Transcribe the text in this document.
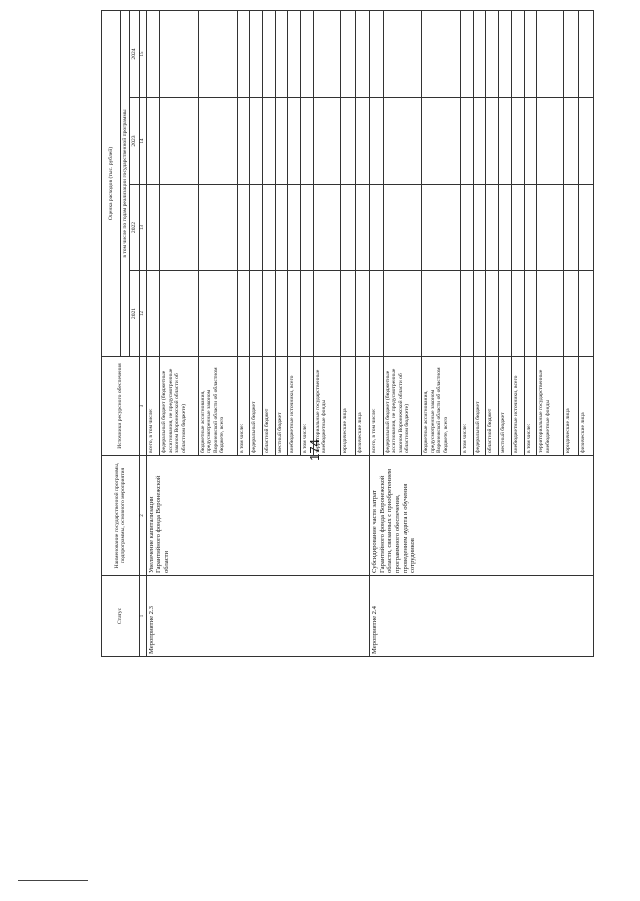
174
Статус	Наименование государственной программы, подпрограммы, основного мероприятия	Источники ресурсного обеспечения	Оценка расходов (тыс. рублей)			
			в том числе по годам реализации государственной программы			
			2021	2022	2023	2024
1	2	3	12	13	14	15
Мероприятие 2.3	Увеличение капитализации Гарантийного фонда Воронежской области	всего, в том числе:				
		федеральный бюджет (бюджетные ассигнования, не предусмотренные законом Воронежской области об областном бюджете)				
		бюджетные ассигнования, предусмотренные законом Воронежской области об областном бюджете, всего				
		в том числе:				
		федеральный бюджет				
		областной бюджет				
		местный бюджет				
		внебюджетные источники, всего				
		в том числе:				
		территориальные государственные внебюджетные фонды				
		юридические лица				
		физические лица				
Мероприятие 2.4	Субсидирование части затрат Гарантийного фонда Воронежской области, связанных с приобретением программного обеспечения, проведением аудита и обучения сотрудников	всего, в том числе:				
		федеральный бюджет (бюджетные ассигнования, не предусмотренные законом Воронежской области об областном бюджете)				
		бюджетные ассигнования, предусмотренные законом Воронежской области об областном бюджете, всего				
		в том числе:				
		федеральный бюджет				
		областной бюджет				
		местный бюджет				
		внебюджетные источники, всего				
		в том числе:				
		территориальные государственные внебюджетные фонды				
		юридические лица				
		физические лица				
